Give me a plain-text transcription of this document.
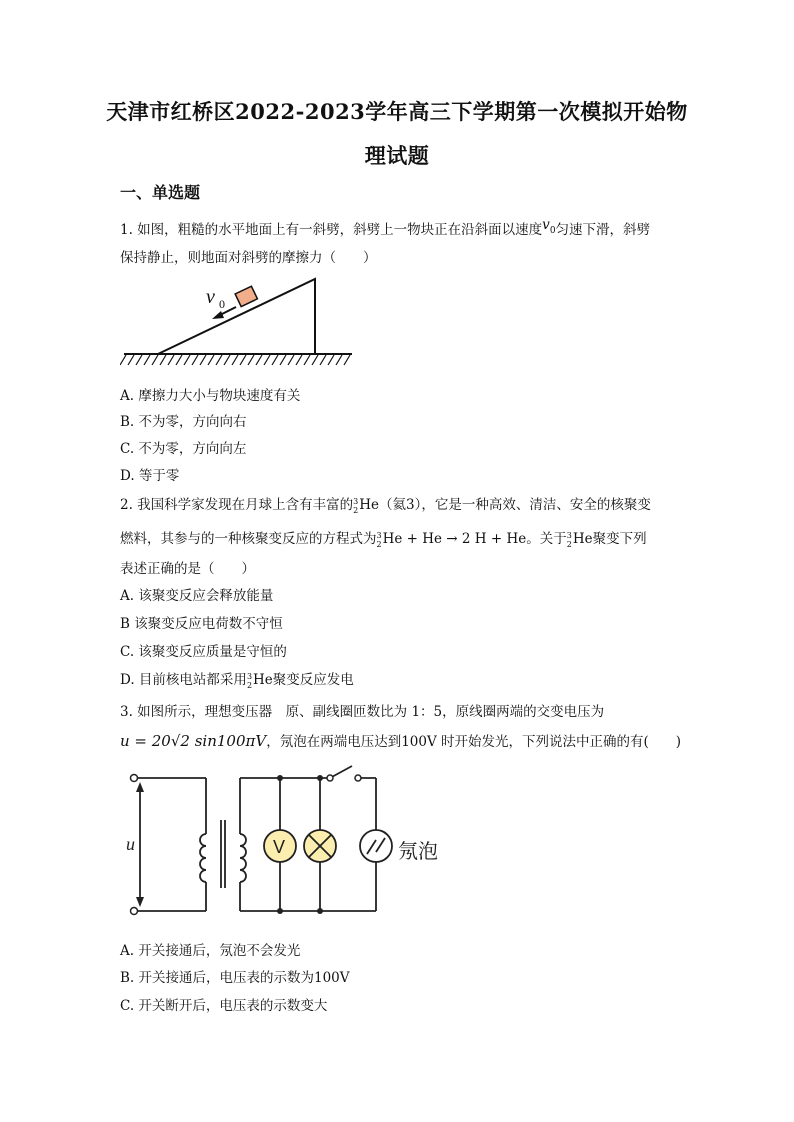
天津市红桥区2022-2023学年高三下学期第一次模拟开始物
理试题
一、单选题
1. 如图，粗糙的水平地面上有一斜劈，斜劈上一物块正在沿斜面以速度$v_0$匀速下滑，斜劈
保持静止，则地面对斜劈的摩擦力（　　）
v 0
A. 摩擦力大小与物块速度有关
B. 不为零，方向向右
C. 不为零，方向向左
D. 等于零
2. 我国科学家发现在月球上含有丰富的 3
2 He（氦3），它是一种高效、清洁、安全的核聚变
燃料，其参与的一种核聚变反应的方程式为 3
2 He + He → 2 H + He。关于 3
2 He聚变下列
表述正确的是（　　）
A. 该聚变反应会释放能量
B 该聚变反应电荷数不守恒
C. 该聚变反应质量是守恒的
D. 目前核电站都采用 3
2 He聚变反应发电
3. 如图所示，理想变压器　原、副线圈匝数比为 1：5，原线圈两端的交变电压为
u = 20√2 sin100πV，氖泡在两端电压达到100V 时开始发光，下列说法中正确的有(　　)
V	氖泡
u
A. 开关接通后，氖泡不会发光
B. 开关接通后，电压表的示数为100V
C. 开关断开后，电压表的示数变大
